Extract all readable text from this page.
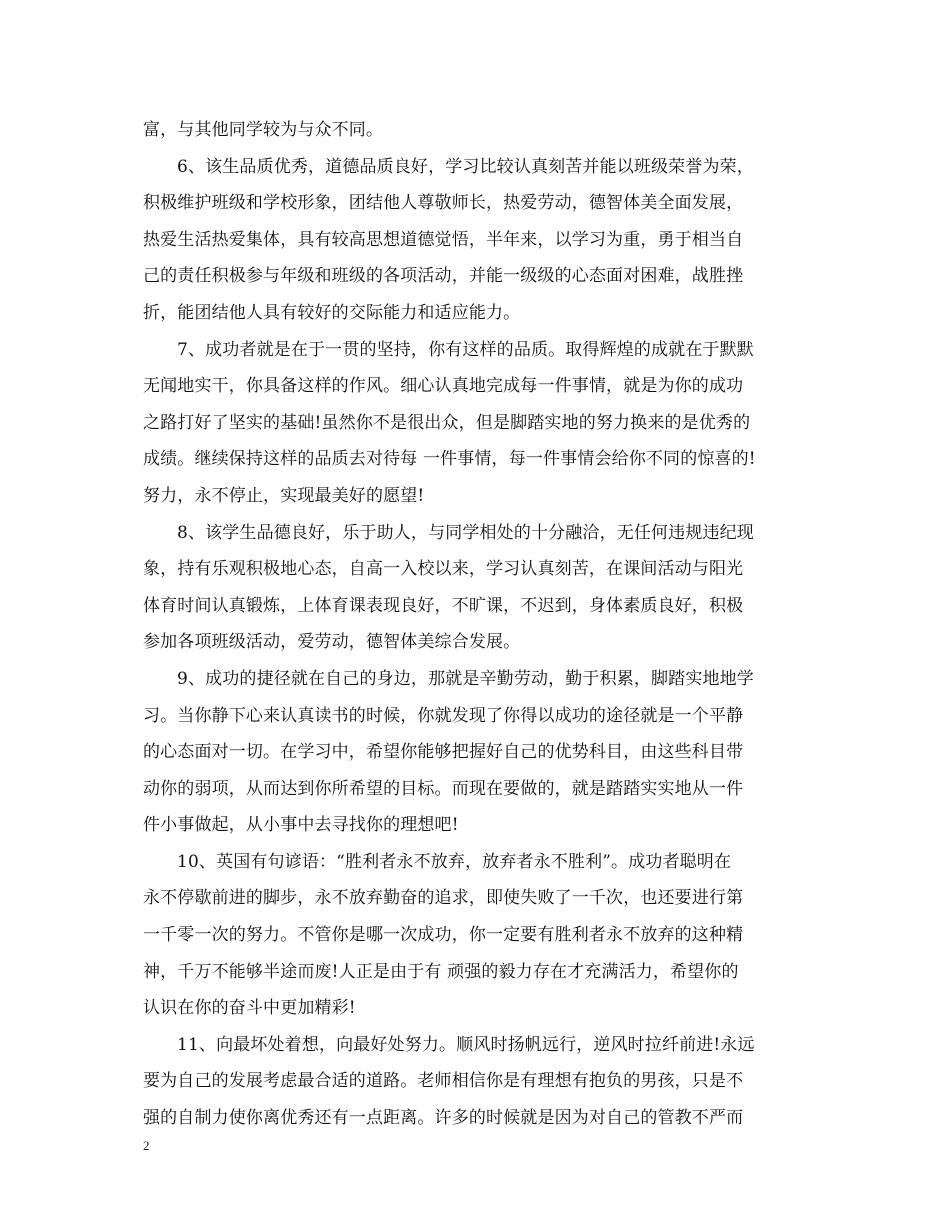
富，与其他同学较为与众不同。
6、该生品质优秀，道德品质良好，学习比较认真刻苦并能以班级荣誉为荣，
积极维护班级和学校形象，团结他人尊敬师长，热爱劳动，德智体美全面发展，
热爱生活热爱集体，具有较高思想道德觉悟，半年来，以学习为重，勇于相当自
己的责任积极参与年级和班级的各项活动，并能一级级的心态面对困难，战胜挫
折，能团结他人具有较好的交际能力和适应能力。
7、成功者就是在于一贯的坚持，你有这样的品质。取得辉煌的成就在于默默
无闻地实干，你具备这样的作风。细心认真地完成每一件事情，就是为你的成功
之路打好了坚实的基础!虽然你不是很出众，但是脚踏实地的努力换来的是优秀的
成绩。继续保持这样的品质去对待每 一件事情，每一件事情会给你不同的惊喜的!
努力，永不停止，实现最美好的愿望!
8、该学生品德良好，乐于助人，与同学相处的十分融洽，无任何违规违纪现
象，持有乐观积极地心态，自高一入校以来，学习认真刻苦，在课间活动与阳光
体育时间认真锻炼，上体育课表现良好，不旷课，不迟到，身体素质良好，积极
参加各项班级活动，爱劳动，德智体美综合发展。
9、成功的捷径就在自己的身边，那就是辛勤劳动，勤于积累，脚踏实地地学
习。当你静下心来认真读书的时候，你就发现了你得以成功的途径就是一个平静
的心态面对一切。在学习中，希望你能够把握好自己的优势科目，由这些科目带
动你的弱项，从而达到你所希望的目标。而现在要做的，就是踏踏实实地从一件
件小事做起，从小事中去寻找你的理想吧!
10、英国有句谚语：“胜利者永不放弃，放弃者永不胜利”。成功者聪明在
永不停歇前进的脚步，永不放弃勤奋的追求，即使失败了一千次，也还要进行第
一千零一次的努力。不管你是哪一次成功，你一定要有胜利者永不放弃的这种精
神，千万不能够半途而废!人正是由于有 顽强的毅力存在才充满活力，希望你的
认识在你的奋斗中更加精彩!
11、向最坏处着想，向最好处努力。顺风时扬帆远行，逆风时拉纤前进!永远
要为自己的发展考虑最合适的道路。老师相信你是有理想有抱负的男孩，只是不
强的自制力使你离优秀还有一点距离。许多的时候就是因为对自己的管教不严而
2
